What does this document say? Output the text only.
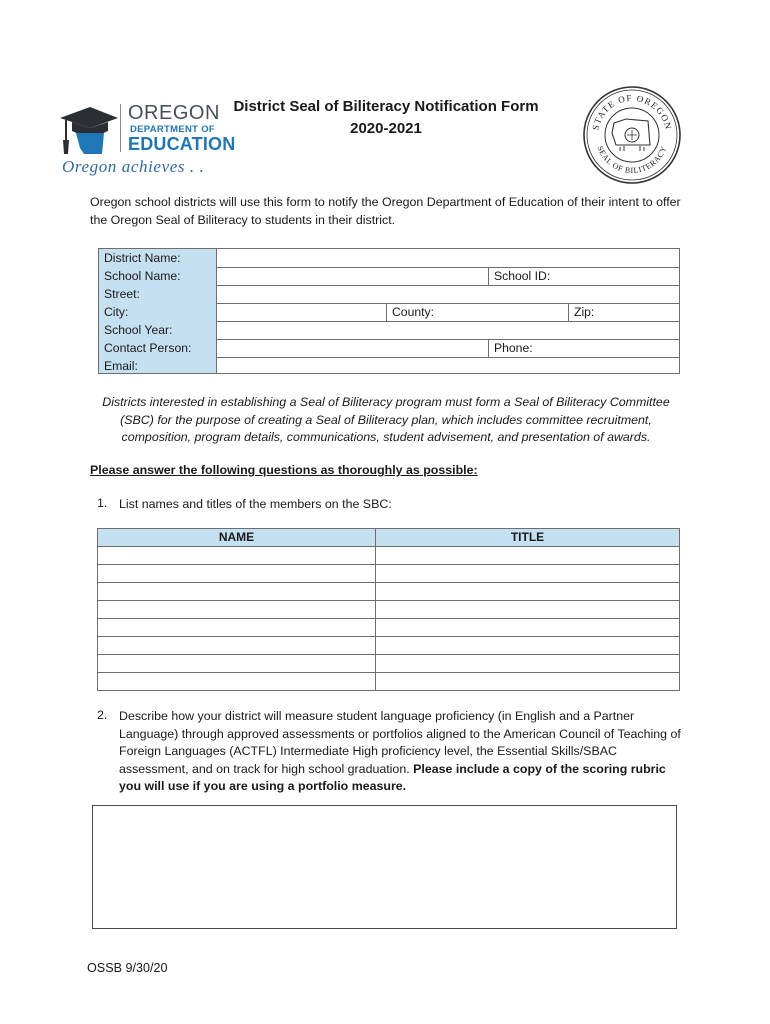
OREGON
DEPARTMENT OF
EDUCATION
Oregon achieves . .
District Seal of Biliteracy Notification Form
2020-2021	STATE OF OREGON
SEAL OF BILITERACY
Oregon school districts will use this form to notify the Oregon Department of Education of their intent to offer the Oregon Seal of Biliteracy to students in their district.
District Name:
School Name:	School ID:
Street:
City:	County:	Zip:
School Year:
Contact Person:	Phone:
Email:
Districts interested in establishing a Seal of Biliteracy program must form a Seal of Biliteracy Committee (SBC) for the purpose of creating a Seal of Biliteracy plan, which includes committee recruitment, composition, program details, communications, student advisement, and presentation of awards.
Please answer the following questions as thoroughly as possible:
1. List names and titles of the members on the SBC:
NAME	TITLE

2. Describe how your district will measure student language proficiency (in English and a Partner Language) through approved assessments or portfolios aligned to the American Council of Teaching of Foreign Languages (ACTFL) Intermediate High proficiency level, the Essential Skills/SBAC assessment, and on track for high school graduation. Please include a copy of the scoring rubric you will use if you are using a portfolio measure.
OSSB 9/30/20
